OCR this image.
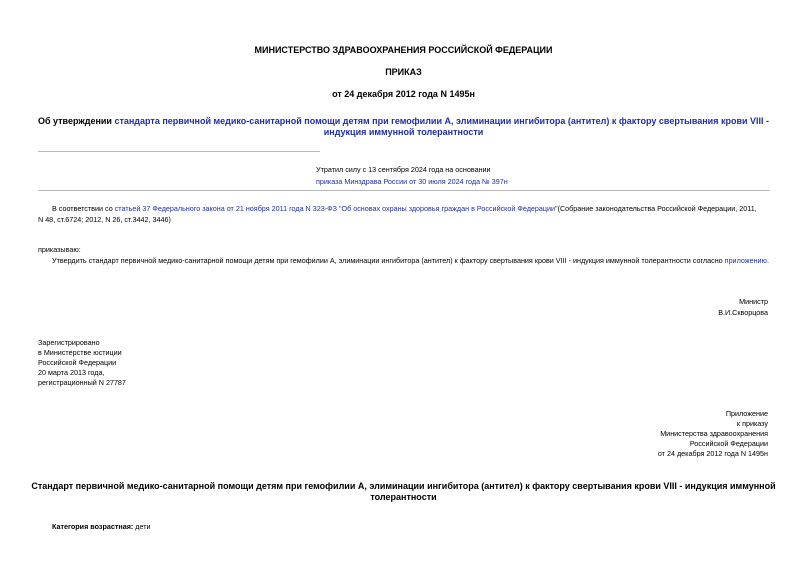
МИНИСТЕРСТВО ЗДРАВООХРАНЕНИЯ РОССИЙСКОЙ ФЕДЕРАЦИИ
ПРИКАЗ
от 24 декабря 2012 года N 1495н
Об утверждении стандарта первичной медико-санитарной помощи детям при гемофилии А, элиминации ингибитора (антител) к фактору свертывания крови VIII -
индукция иммунной толерантности
Утратил силу с 13 сентября 2024 года на основании
приказа Минздрава России от 30 июля 2024 года № 397н
В соответствии со статьей 37 Федерального закона от 21 ноября 2011 года N 323-ФЗ "Об основах охраны здоровья граждан в Российской Федерации"(Собрание законодательства Российской Федерации, 2011,
N 48, ст.6724; 2012, N 26, ст.3442, 3446)
приказываю:
Утвердить стандарт первичной медико-санитарной помощи детям при гемофилии А, элиминации ингибитора (антител) к фактору свертывания крови VIII - индукция иммунной толерантности согласно приложению.
Министр
В.И.Скворцова
Зарегистрировано
в Министерстве юстиции
Российской Федерации
20 марта 2013 года,
регистрационный N 27787
Приложение
к приказу
Министерства здравоохранения
Российской Федерации
от 24 декабря 2012 года N 1495н
Стандарт первичной медико-санитарной помощи детям при гемофилии А, элиминации ингибитора (антител) к фактору свертывания крови VIII - индукция иммунной
толерантности
Категория возрастная: дети
